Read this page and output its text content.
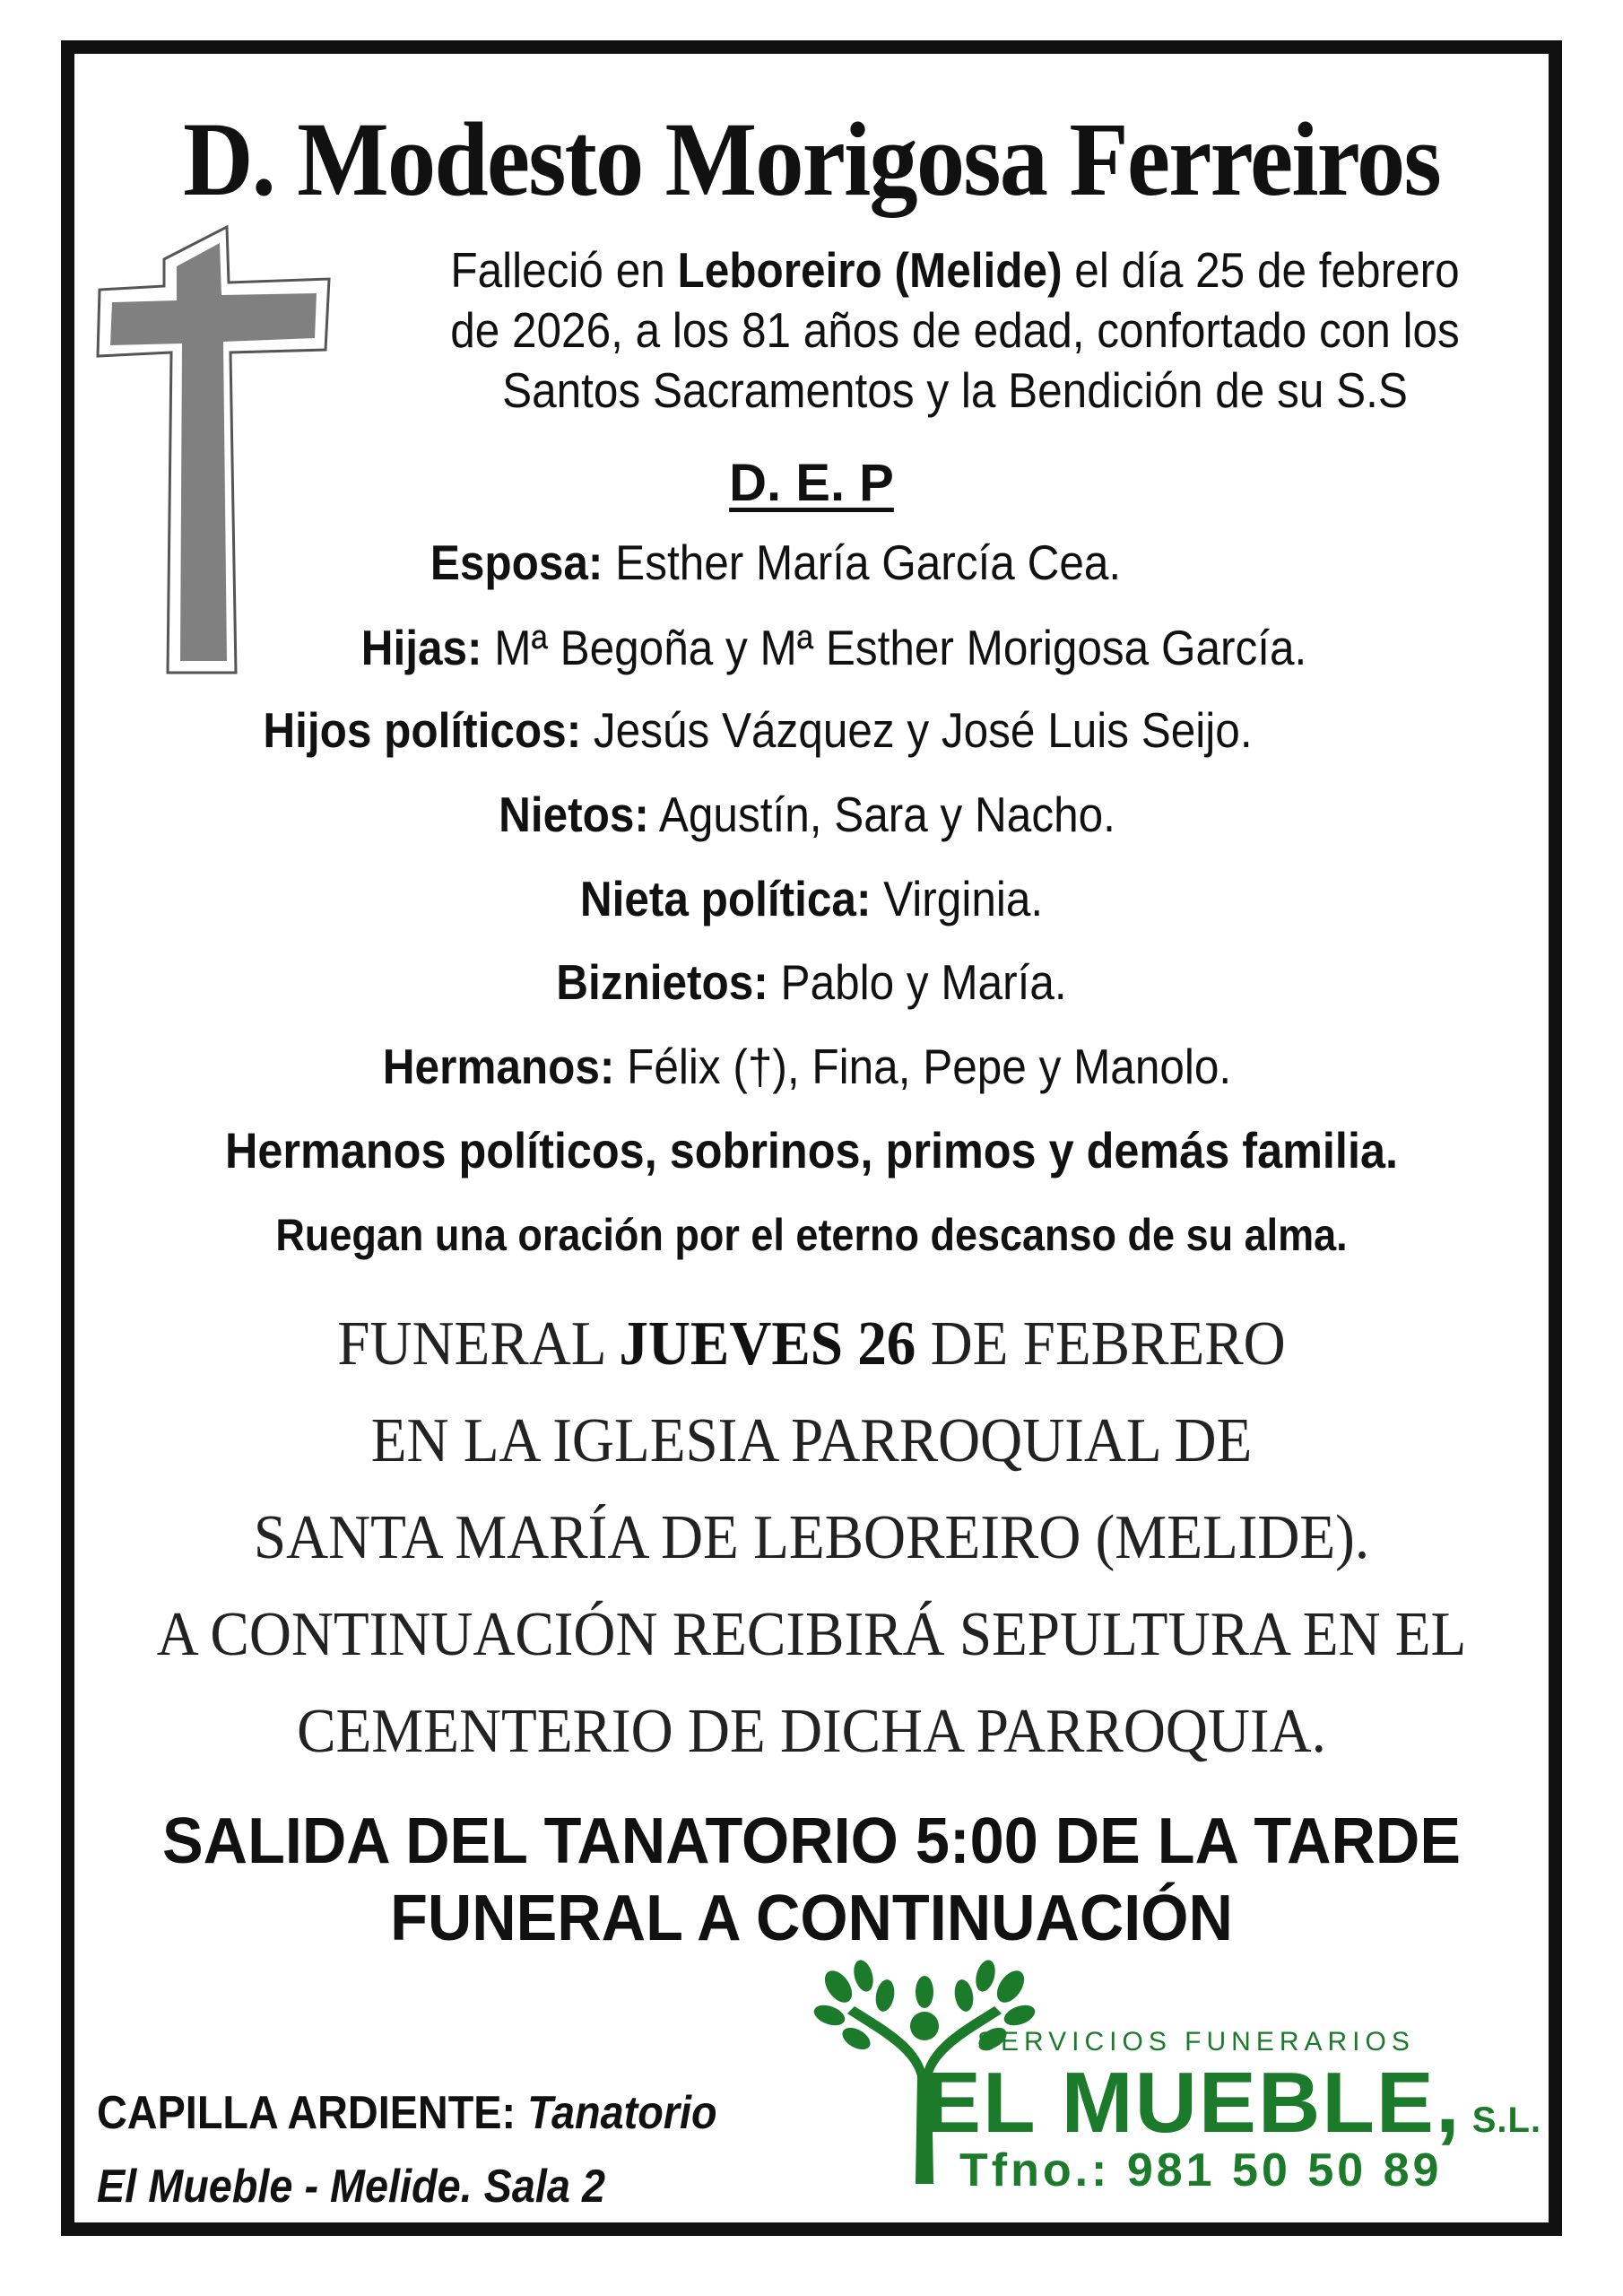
D. Modesto Morigosa Ferreiros
Falleció en Leboreiro (Melide) el día 25 de febrero
de 2026, a los 81 años de edad, confortado con los
Santos Sacramentos y la Bendición de su S.S
D. E. P
Esposa: Esther María García Cea.
Hijas: Mª Begoña y Mª Esther Morigosa García.
Hijos políticos: Jesús Vázquez y José Luis Seijo.
Nietos: Agustín, Sara y Nacho.
Nieta política: Virginia.
Biznietos: Pablo y María.
Hermanos: Félix (†), Fina, Pepe y Manolo.
Hermanos políticos, sobrinos, primos y demás familia.
Ruegan una oración por el eterno descanso de su alma.
FUNERAL JUEVES 26 DE FEBRERO
EN LA IGLESIA PARROQUIAL DE
SANTA MARÍA DE LEBOREIRO (MELIDE).
A CONTINUACIÓN RECIBIRÁ SEPULTURA EN EL
CEMENTERIO DE DICHA PARROQUIA.
SALIDA DEL TANATORIO 5:00 DE LA TARDE
FUNERAL A CONTINUACIÓN
CAPILLA ARDIENTE: Tanatorio
El Mueble - Melide. Sala 2
SERVICIOS FUNERARIOS
EL MUEBLE, S.L.
Tfno.: 981 50 50 89
